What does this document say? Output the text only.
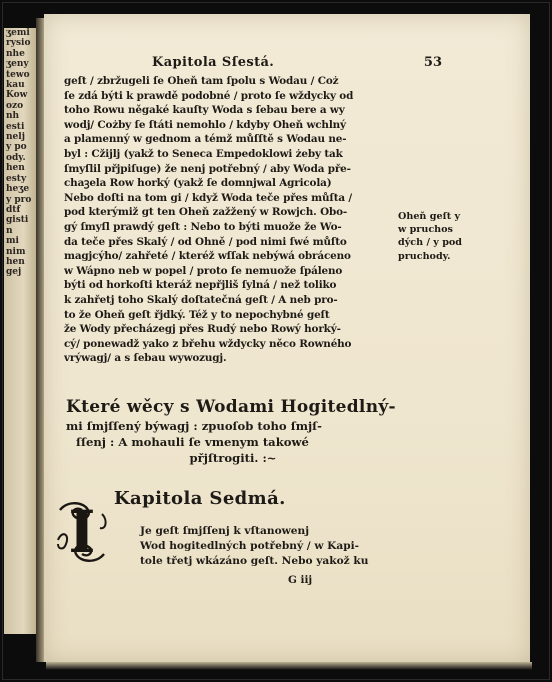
ʒemi
rysio
nhe
ʒeny
tewo
kau
Kow
ozo
nh
esti
nelj
y po
ody.
hen
esty
heʒe
y pro
dtẜ
gisti
n
mi
nim
hen
gej
Kapitola Sſestá.	53
geſt / zbržugeli ſe Oheň tam ſpolu s Wodau / Coż
ſe zdá býti k prawdě podobné / proto ſe wždycky od
toho Rowu něgaké kauſty Woda s ſebau bere a wy
wodj/ Cożby ſe ſtáti nemohlo / kdyby Oheň wchlný
a plamenný w gednom a témž můſſtě s Wodau ne-
byl : Cžijlj (yakž to Seneca Empedoklowi żeby tak
ſmyſlil přjpiſuge) že nenj potřebný / aby Woda pře-
chaꝫela Row horký (yakž ſe domnjwal Agricola)
Nebo doſti na tom gi / když Woda teče přes můſta /
pod kterýmiž gt ten Oheň zažžený w Rowjch. Obo-
gý ſmyſl prawdý geſt : Nebo to býti muože že Wo-
da teče přes Skalý / od Ohně / pod nimi ſwé můſto
magjcýho/ zahřeté / kteréž wſſak nebýwá obráceno
w Wápno neb w popel / proto ſe nemuože ſpáleno
býti od horkoſti kteráž nepřjliš ſylná / než toliko
k zahřetj toho Skalý doſtatečná geſt / A neb pro-
to že Oheň geſt řjdký. Též y to nepochybné geſt
že Wody přecházegj přes Rudý nebo Rowý horký-
cý/ ponewadž yako z břehu wždycky něco Rowného
vrýwagj/ a s ſebau wywozugj.
Oheň geſt y
w pruchos
dých / y pod
pruchody.
Které wěcy s Wodami Hogitedlný-
mi ſmjſſený býwagj : zpuoſob toho ſmjſ-
ſſenj : A mohauli ſe vmenym takowé
přjſtrogiti. :~
Kapitola Sedmá.
I	Je geſt ſmjſſenj k vſtanowenj
Wod hogitedlných potřebný / w Kapi-
tole třetj wkázáno geſt. Nebo yakož ku
G iij
